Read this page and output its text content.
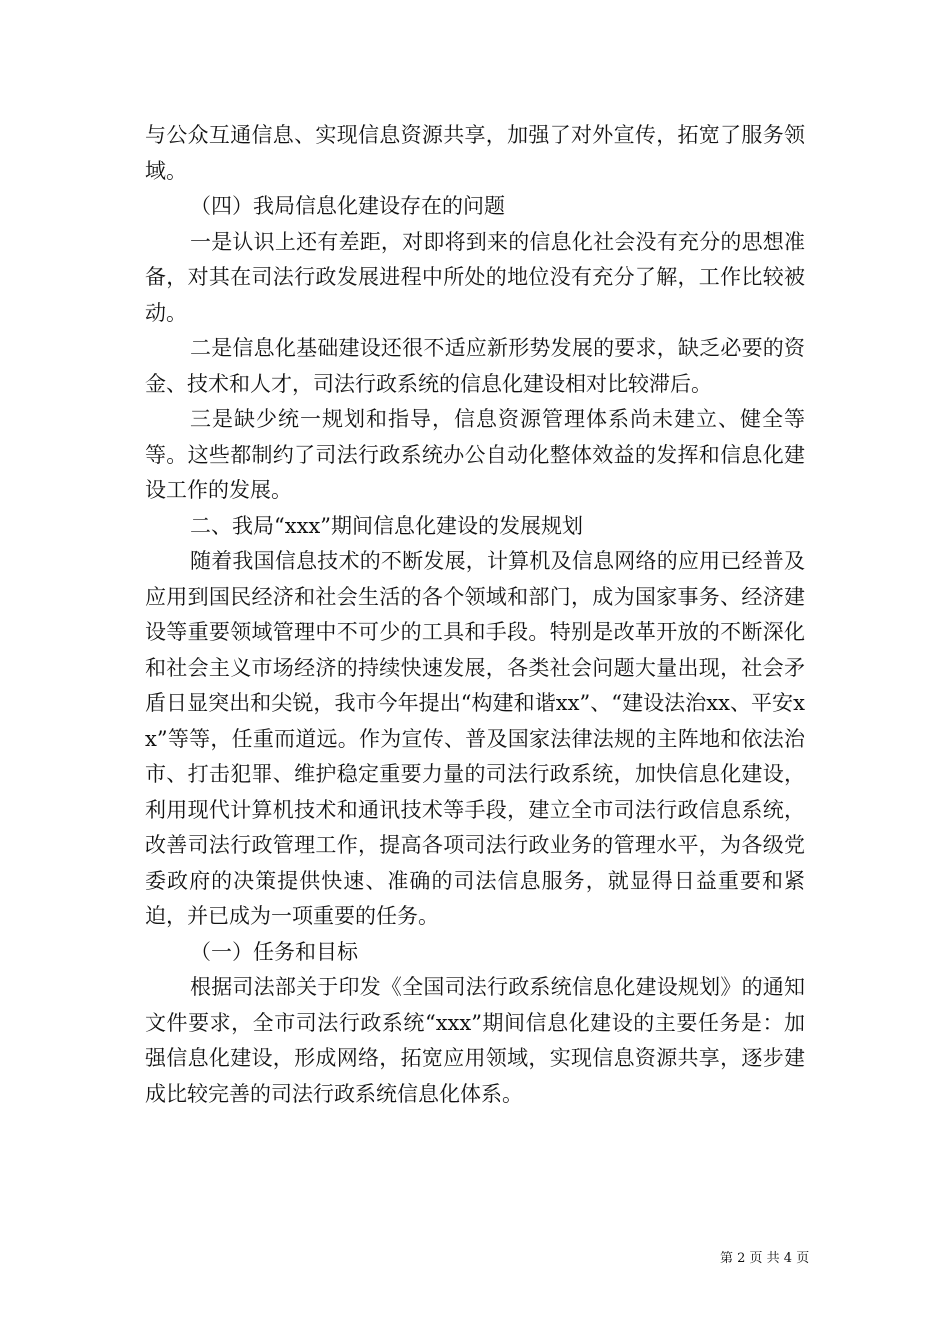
与公众互通信息、实现信息资源共享，加强了对外宣传，拓宽了服务领域。

（四）我局信息化建设存在的问题

一是认识上还有差距，对即将到来的信息化社会没有充分的思想准备，对其在司法行政发展进程中所处的地位没有充分了解，工作比较被动。

二是信息化基础建设还很不适应新形势发展的要求，缺乏必要的资金、技术和人才，司法行政系统的信息化建设相对比较滞后。

三是缺少统一规划和指导，信息资源管理体系尚未建立、健全等等。这些都制约了司法行政系统办公自动化整体效益的发挥和信息化建设工作的发展。

二、我局“xxx”期间信息化建设的发展规划

随着我国信息技术的不断发展，计算机及信息网络的应用已经普及应用到国民经济和社会生活的各个领域和部门，成为国家事务、经济建设等重要领域管理中不可少的工具和手段。特别是改革开放的不断深化和社会主义市场经济的持续快速发展，各类社会问题大量出现，社会矛盾日显突出和尖锐，我市今年提出“构建和谐xx”、“建设法治xx、平安xx”等等，任重而道远。作为宣传、普及国家法律法规的主阵地和依法治市、打击犯罪、维护稳定重要力量的司法行政系统，加快信息化建设，利用现代计算机技术和通讯技术等手段，建立全市司法行政信息系统，改善司法行政管理工作，提高各项司法行政业务的管理水平，为各级党委政府的决策提供快速、准确的司法信息服务，就显得日益重要和紧迫，并已成为一项重要的任务。

（一）任务和目标

根据司法部关于印发《全国司法行政系统信息化建设规划》的通知文件要求，全市司法行政系统“xxx”期间信息化建设的主要任务是：加强信息化建设，形成网络，拓宽应用领域，实现信息资源共享，逐步建成比较完善的司法行政系统信息化体系。

第 2 页 共 4 页
